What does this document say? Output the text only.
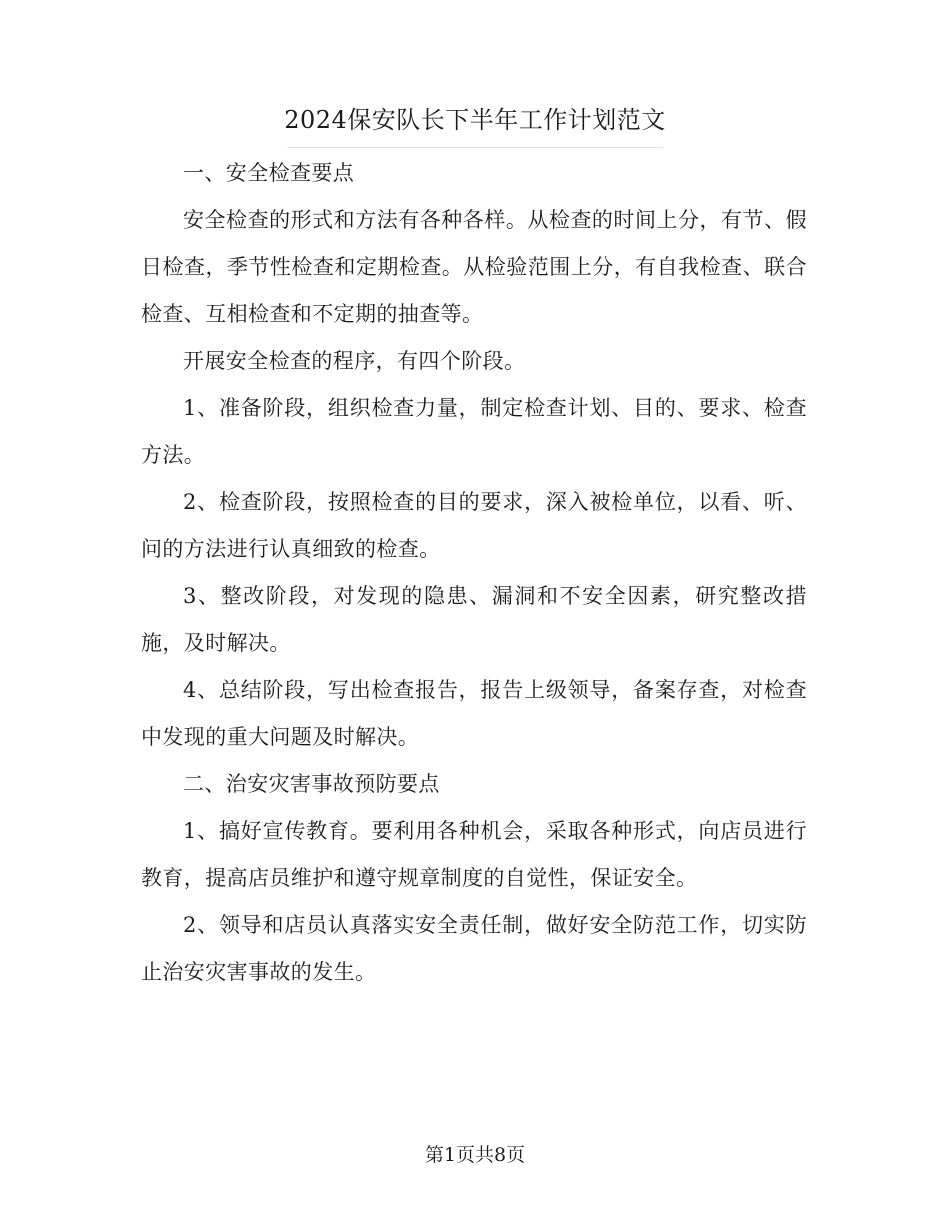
2024保安队长下半年工作计划范文

一、安全检查要点

安全检查的形式和方法有各种各样。从检查的时间上分，有节、假日检查，季节性检查和定期检查。从检验范围上分，有自我检查、联合检查、互相检查和不定期的抽查等。

开展安全检查的程序，有四个阶段。

1、准备阶段，组织检查力量，制定检查计划、目的、要求、检查方法。

2、检查阶段，按照检查的目的要求，深入被检单位，以看、听、问的方法进行认真细致的检查。

3、整改阶段，对发现的隐患、漏洞和不安全因素，研究整改措施，及时解决。

4、总结阶段，写出检查报告，报告上级领导，备案存查，对检查中发现的重大问题及时解决。

二、治安灾害事故预防要点

1、搞好宣传教育。要利用各种机会，采取各种形式，向店员进行教育，提高店员维护和遵守规章制度的自觉性，保证安全。

2、领导和店员认真落实安全责任制，做好安全防范工作，切实防止治安灾害事故的发生。

第1页共8页
